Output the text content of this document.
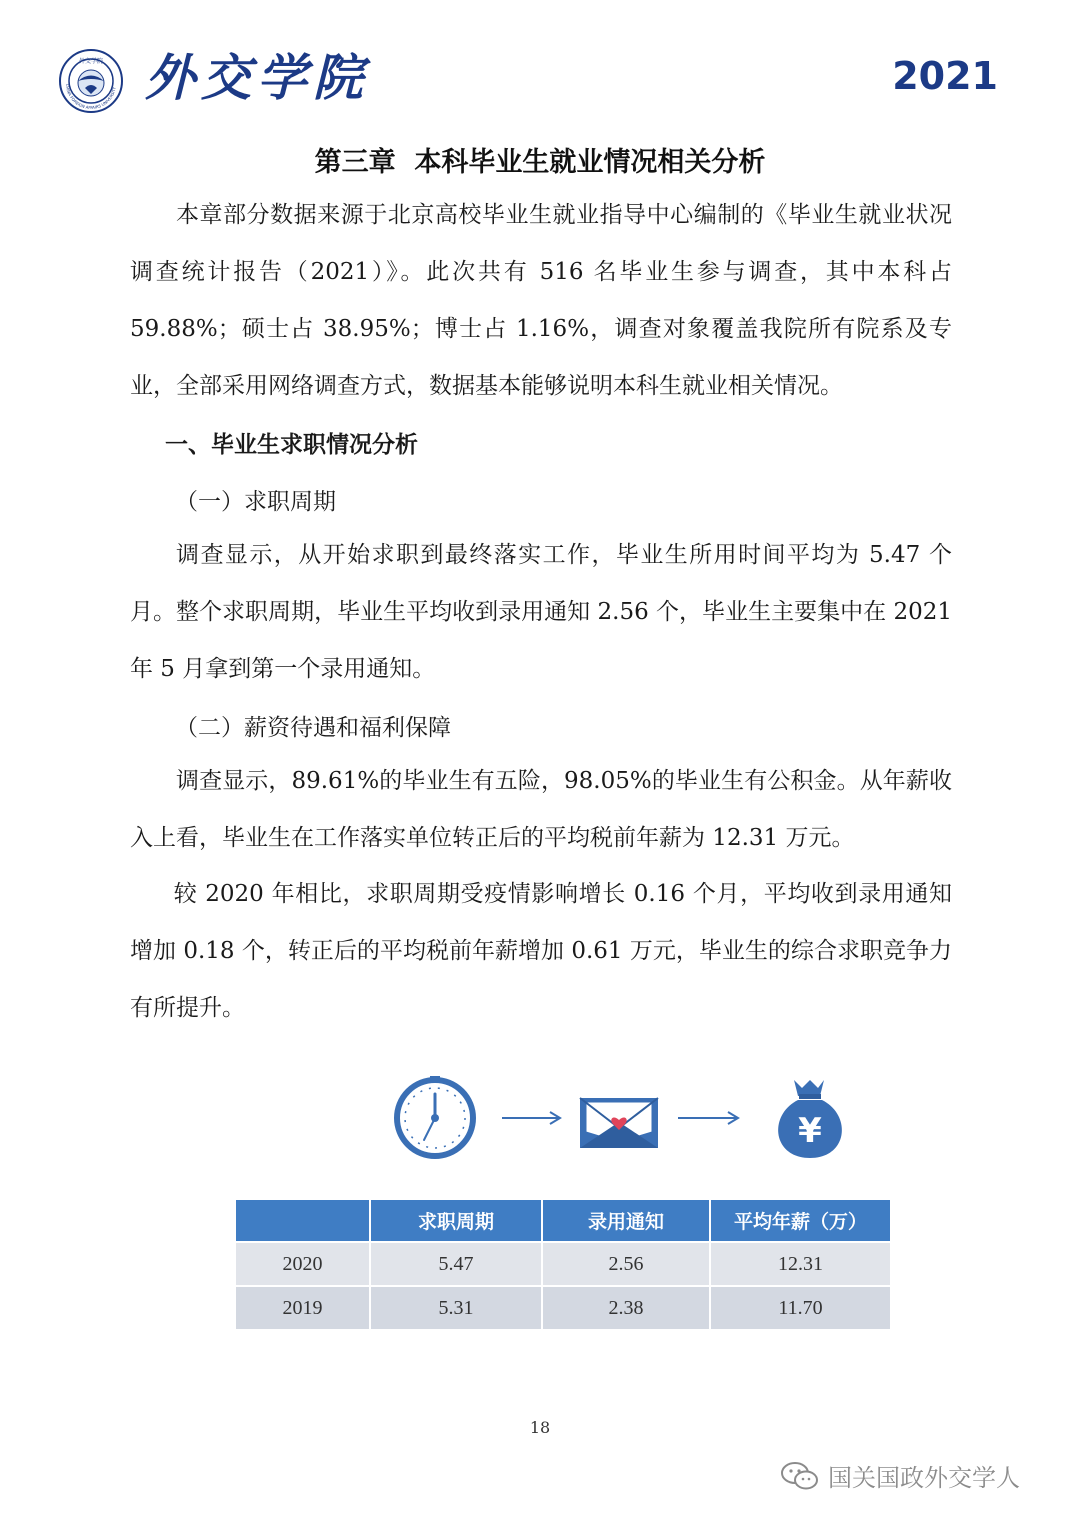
CHINA FOREIGN AFFAIRS UNIVERSITY
外交学院 外交学院	2021
第三章  本科毕业生就业情况相关分析

本章部分数据来源于北京高校毕业生就业指导中心编制的《毕业生就业状况调查统计报告（2021）》。此次共有 516 名毕业生参与调查，其中本科占 59.88%；硕士占 38.95%；博士占 1.16%，调查对象覆盖我院所有院系及专业，全部采用网络调查方式，数据基本能够说明本科生就业相关情况。

一、毕业生求职情况分析
（一）求职周期

调查显示，从开始求职到最终落实工作，毕业生所用时间平均为 5.47 个月。整个求职周期，毕业生平均收到录用通知 2.56 个，毕业生主要集中在 2021 年 5 月拿到第一个录用通知。

（二）薪资待遇和福利保障

调查显示，89.61%的毕业生有五险，98.05%的毕业生有公积金。从年薪收入上看，毕业生在工作落实单位转正后的平均税前年薪为 12.31 万元。

较 2020 年相比，求职周期受疫情影响增长 0.16 个月，平均收到录用通知增加 0.18 个，转正后的平均税前年薪增加 0.61 万元，毕业生的综合求职竞争力有所提升。

¥
	求职周期	录用通知	平均年薪（万）
2020	5.47	2.56	12.31
2019	5.31	2.38	11.70
18
国关国政外交学人
